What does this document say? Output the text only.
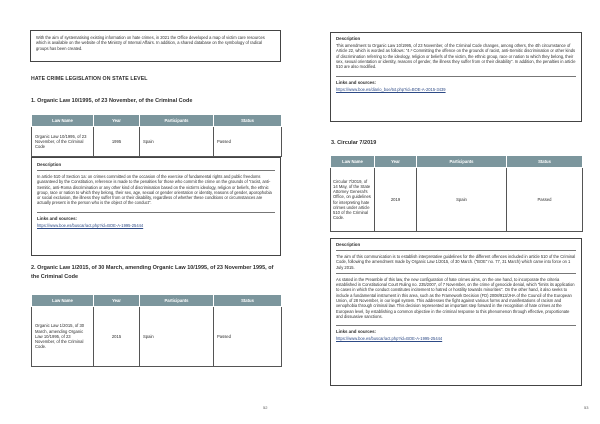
With the aim of systematising existing information on hate crimes, in 2021 the Office developed a map of victim care resources which is available on the website of the Ministry of Internal Affairs. In addition, a shared database on the symbology of radical groups has been created.
HATE CRIME LEGISLATION ON STATE LEVEL
1. Organic Law 10/1995, of 23 November, of the Criminal Code
Law Name	Year	Participants	Status
Organic Law 10/1995, of 23 November, of the Criminal Code	1995	Spain	Passed
Description
In article 510 of Section 1a: on crimes committed on the occasion of the exercise of fundamental rights and public freedoms guaranteed by the Constitution, reference is made to the penalties for those who commit the crime on the grounds of "racist, anti-Semitic, anti-Roma discrimination or any other kind of discrimination based on the victim's ideology, religion or beliefs, the ethnic group, race or nation to which they belong, their sex, age, sexual or gender orientation or identity, reasons of gender, aporophobia or social exclusion, the illness they suffer from or their disability, regardless of whether these conditions or circumstances are actually present in the person who is the object of the conduct".
Links and sources:
https://www.boe.es/buscar/act.php?id=BOE-A-1995-25444
2. Organic Law 1/2015, of 30 March, amending Organic Law 10/1995, of 23 November 1995, of the Criminal Code
Law Name	Year	Participants	Status
Organic Law 1/2015, of 30 March, amending Organic Law 10/1995, of 23 November, of the Criminal Code.	2015	Spain	Passed
52
Description
This amendment to Organic Law 10/1995, of 23 November, of the Criminal Code changes, among others, the 4th circumstance of Article 22, which is worded as follows: "4.º Committing the offence on the grounds of racist, anti-Semitic discrimination or other kinds of discrimination referring to the ideology, religion or beliefs of the victim, the ethnic group, race or nation to which they belong, their sex, sexual orientation or identity, reasons of gender, the illness they suffer from or their disability". In addition, the penalties in article 510 are also modified.
Links and sources:
https://www.boe.es/diario_boe/txt.php?id=BOE-A-2015-3439
3. Circular 7/2019
Law Name	Year	Participants	Status
Circular 7/2019, of 14 May, of the State Attorney General's Office, on guidelines for interpreting hate crimes under article 510 of the Criminal Code.	2019	Spain	Passed
Description
The aim of this communication is to establish interpretative guidelines for the different offences included in article 510 of the Criminal Code, following the amendment made by Organic Law 1/2015, of 30 March. ("BOE" no. 77, 31 March) which came into force on 1 July 2015.
As stated in the Preamble of this law, the new configuration of hate crimes aims, on the one hand, to incorporate the criteria established in Constitutional Court Ruling no. 235/2007, of 7 November, on the crime of genocide denial, which "limits its application to cases in which the conduct constitutes incitement to hatred or hostility towards minorities". On the other hand, it also seeks to include a fundamental instrument in this area, such as the Framework Decision (FD) 2008/913/JHA of the Council of the European Union, of 28 November, in our legal system. This addresses the fight against various forms and manifestations of racism and xenophobia through criminal law. This decision represented an important step forward in the recognition of hate crimes at the European level, by establishing a common objective in the criminal response to this phenomenon through effective, proportionate and dissuasive sanctions.
Links and sources:
https://www.boe.es/buscar/act.php?id=BOE-A-1995-25444
53
